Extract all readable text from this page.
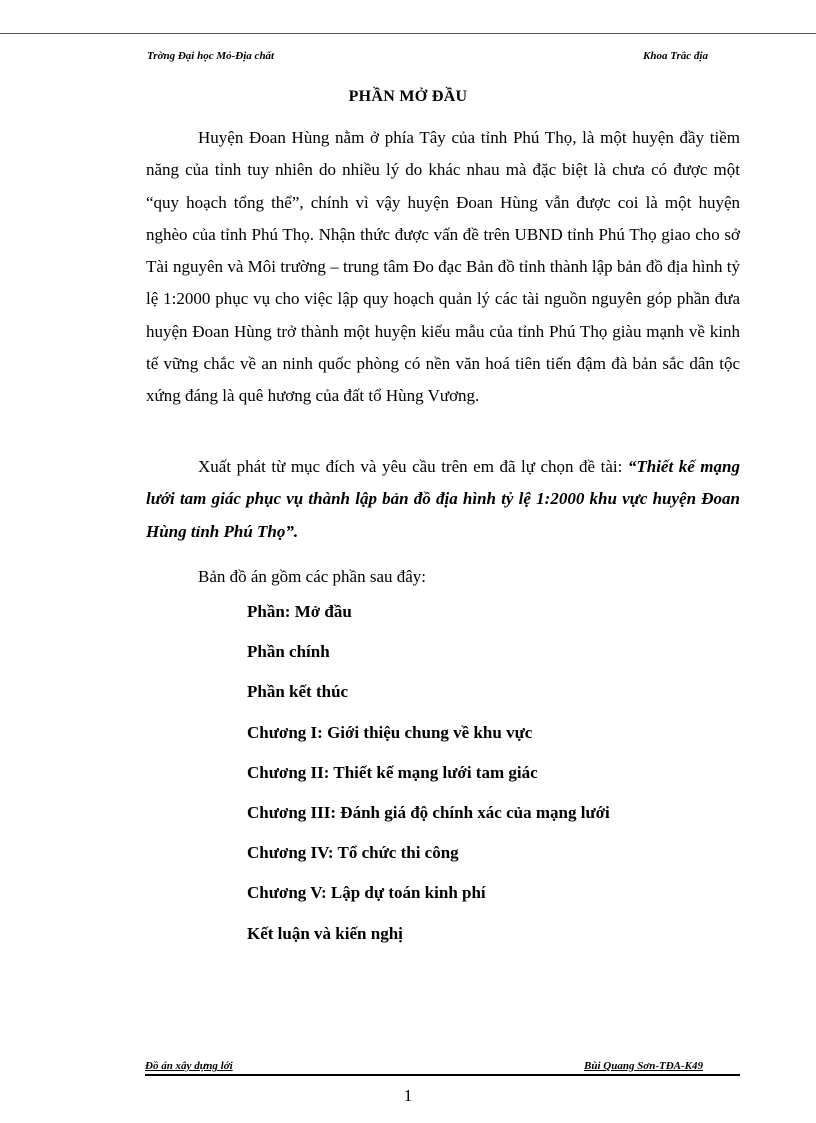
Trờng Đại học Mỏ-Địa chất	Khoa Trắc địa
PHẦN MỞ ĐẦU
Huyện Đoan Hùng nằm ở phía Tây của tỉnh Phú Thọ, là một huyện đầy tiềm năng của tỉnh tuy nhiên do nhiều lý do khác nhau mà đặc biệt là chưa có được một “quy hoạch tổng thể”, chính vì vậy huyện Đoan Hùng vẫn được coi là một huyện nghèo của tỉnh Phú Thọ. Nhận thức được vấn đề trên UBND tỉnh Phú Thọ giao cho sở Tài nguyên và Môi trường – trung tâm Đo đạc Bản đồ tỉnh thành lập bản đồ địa hình tỷ lệ 1:2000 phục vụ cho việc lập quy hoạch quản lý các tài nguồn nguyên góp phần đưa huyện Đoan Hùng trở thành một huyện kiểu mẫu của tỉnh Phú Thọ giàu mạnh về kinh tế vững chắc về an ninh quốc phòng có nền văn hoá tiên tiến đậm đà bản sắc dân tộc xứng đáng là quê hương của đất tổ Hùng Vương.
Xuất phát từ mục đích và yêu cầu trên em đã lự chọn đề tài: “Thiết kế mạng lưới tam giác phục vụ thành lập bản đồ địa hình tỷ lệ 1:2000 khu vực huyện Đoan Hùng tỉnh Phú Thọ”.
Bản đồ án gồm các phần sau đây:
Phần: Mở đầu
Phần chính
Phần kết thúc
Chương I: Giới thiệu chung về khu vực
Chương II: Thiết kế mạng lưới tam giác
Chương III: Đánh giá độ chính xác của mạng lưới
Chương IV: Tổ chức thi công
Chương V: Lập dự toán kinh phí
Kết luận và kiến nghị
Đồ án xây dựng lới	Bùi Quang Sơn-TĐA-K49
1
